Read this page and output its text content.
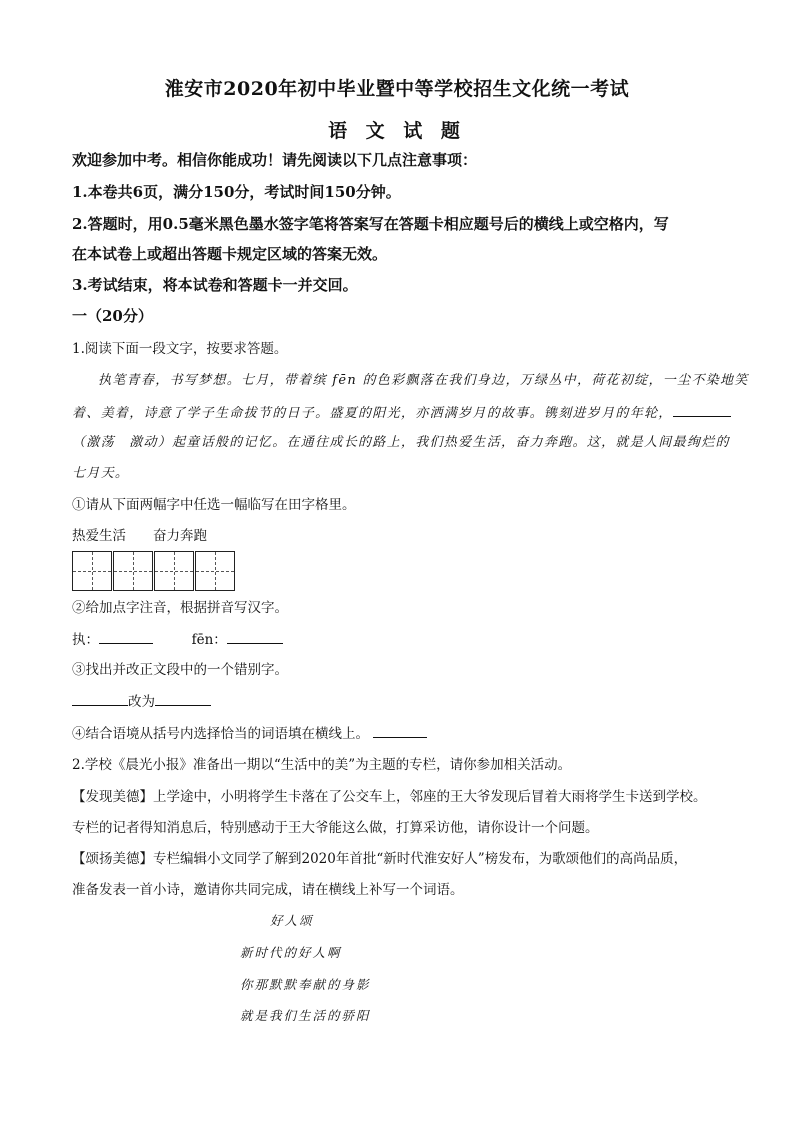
淮安市2020年初中毕业暨中等学校招生文化统一考试
语 文 试 题
欢迎参加中考。相信你能成功！请先阅读以下几点注意事项：
1.本卷共6页，满分150分，考试时间150分钟。
2.答题时，用0.5毫米黑色墨水签字笔将答案写在答题卡相应题号后的横线上或空格内，写
在本试卷上或超出答题卡规定区域的答案无效。
3.考试结束，将本试卷和答题卡一并交回。
一（20分）
1.阅读下面一段文字，按要求答题。
执笔青春，书写梦想。七月，带着缤 fēn 的色彩飘落在我们身边，万绿丛中，荷花初绽，一尘不染地笑
着、美着，诗意了学子生命拔节的日子。盛夏的阳光，亦洒满岁月的故事。镌刻进岁月的年轮，
（激荡　激动）起童话般的记忆。在通往成长的路上，我们热爱生活，奋力奔跑。这，就是人间最绚烂的
七月天。
①请从下面两幅字中任选一幅临写在田字格里。
热爱生活　　奋力奔跑
②给加点字注音，根据拼音写汉字。
执：	fēn：
③找出并改正文段中的一个错别字。
改为
④结合语境从括号内选择恰当的词语填在横线上。
2.学校《晨光小报》准备出一期以“生活中的美”为主题的专栏，请你参加相关活动。
【发现美德】上学途中，小明将学生卡落在了公交车上，邻座的王大爷发现后冒着大雨将学生卡送到学校。
专栏的记者得知消息后，特别感动于王大爷能这么做，打算采访他，请你设计一个问题。
【颂扬美德】专栏编辑小文同学了解到2020年首批“新时代淮安好人”榜发布，为歌颂他们的高尚品质，
准备发表一首小诗，邀请你共同完成，请在横线上补写一个词语。
好人颂
新时代的好人啊
你那默默奉献的身影
就是我们生活的骄阳
